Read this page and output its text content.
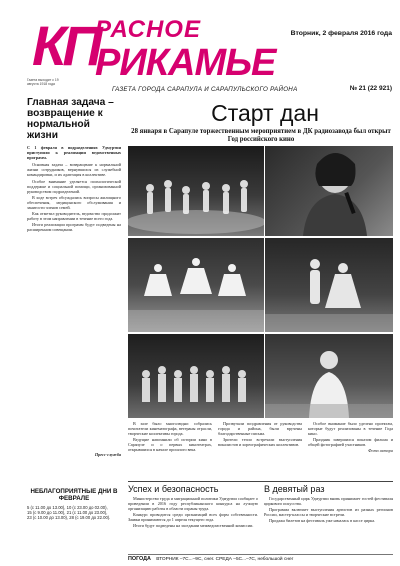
КП
РАСНОЕ
РИКАМЬЕ
Газета выходит с 19 августа 1918 года
Вторник, 2 февраля 2016 года
№ 21 (22 921)
ГАЗЕТА ГОРОДА САРАПУЛА И САРАПУЛЬСКОГО РАЙОНА
Главная задача – возвращение к нормальной жизни
С 1 февраля в подразделениях Удмуртии приступили к реализации ведомственных программ.

Основная задача – возвращение к нормальной жизни сотрудников, вернувшихся из служебной командировки, и их адаптация в коллективе.

Особое внимание уделяется психологической поддержке и социальной помощи, организованной руководством подразделений.

В ходе встреч обсуждались вопросы жилищного обеспечения, медицинского обслуживания и занятости членов семей.

Как отметил руководитель, ведомство продолжит работу в этом направлении в течение всего года.

Итоги реализации программ будут подведены на расширенном совещании.

Пресс-служба
НЕБЛАГОПРИЯТНЫЕ ДНИ В ФЕВРАЛЕ
5 (с 11.00 до 13.00), 10 (с 23.00 до 02.00),
15 (с 9.00 до 11.00), 21 (с 11.00 до 23.00),
23 (с 10.00 до 13.00), 28 (с 19.00 до 22.00).
Старт дан
28 января в Сарапуле торжественным мероприятием в ДК радиозавода был открыт Год российского кино

В зале было многолюдно: собрались почитатели кинематографа, ветераны отрасли, творческие коллективы города.

Ведущие напомнили об истории кино в Сарапуле и о первых кинотеатрах, открывшихся в начале прошлого века.

Прозвучали поздравления от руководства города и района, были вручены благодарственные письма.

Зрители тепло встречали выступления вокалистов и хореографических коллективов.

Особое внимание было уделено проектам, которые будут реализованы в течение Года кино.

Праздник завершился показом фильма и общей фотографией участников.

Фото автора
Успех и безопасность

Министерство труда и миграционной политики Удмуртии сообщает о проведении в 2016 году республиканского конкурса на лучшую организацию работы в области охраны труда.

Конкурс проводится среди организаций всех форм собственности. Заявки принимаются до 1 апреля текущего года.

Итоги будут подведены на заседании межведомственной комиссии.

В девятый раз

Государственный цирк Удмуртии вновь принимает гостей фестиваля циркового искусства.

Программа включает выступления артистов из разных регионов России, мастер-классы и творческие встречи.

Продажа билетов на фестиваль уже началась в кассе цирка.

ПОГОДА ВТОРНИК –7С...–9С, снег. СРЕДА –5С...–7С, небольшой снег
